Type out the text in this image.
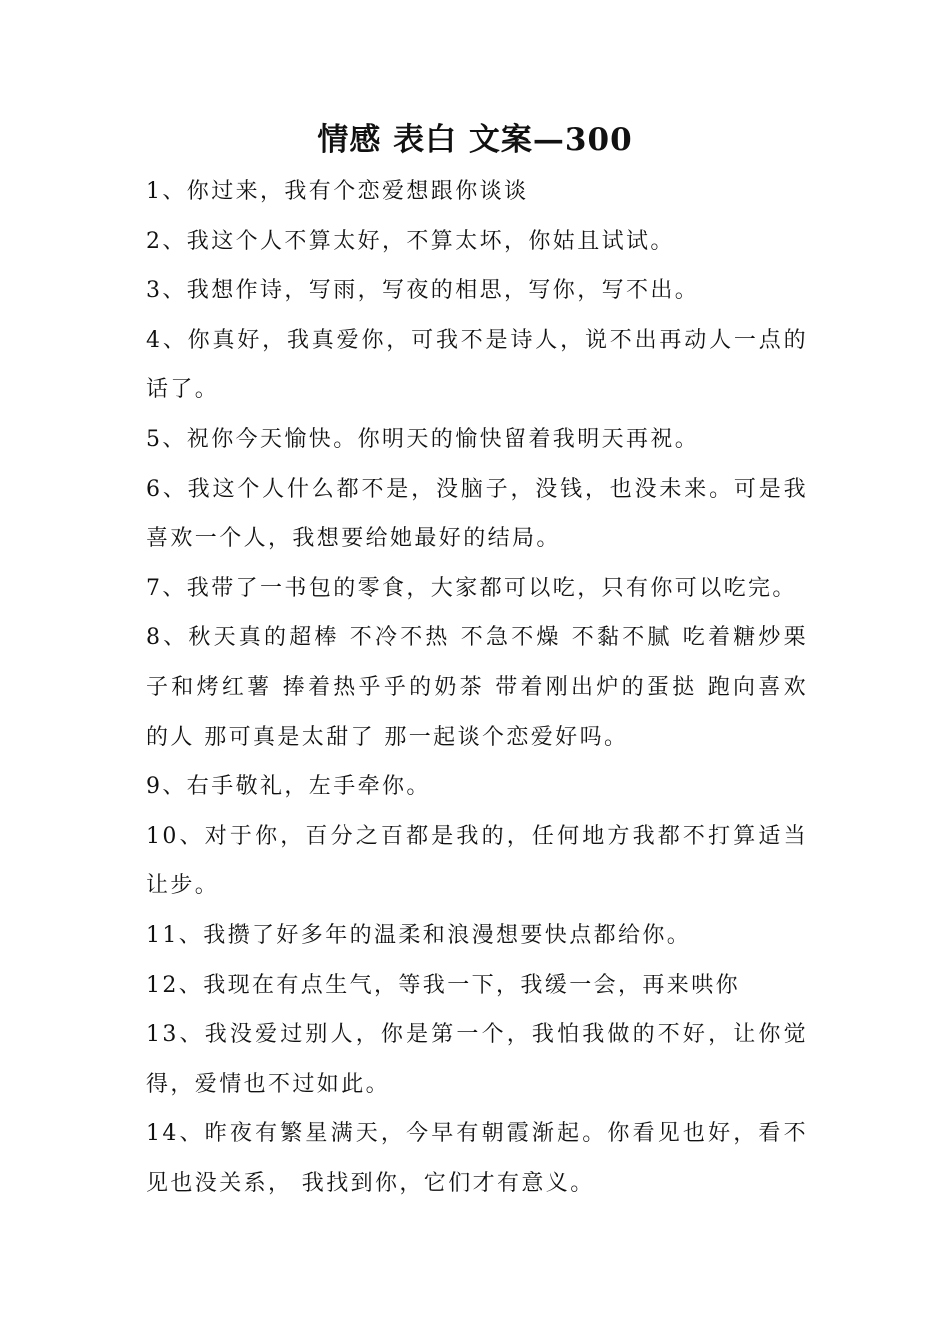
情感 表白 文案—300

1、你过来，我有个恋爱想跟你谈谈

2、我这个人不算太好，不算太坏，你姑且试试。

3、我想作诗，写雨，写夜的相思，写你，写不出。

4、你真好，我真爱你，可我不是诗人，说不出再动人一点的话了。

5、祝你今天愉快。你明天的愉快留着我明天再祝。

6、我这个人什么都不是，没脑子，没钱，也没未来。可是我喜欢一个人，我想要给她最好的结局。

7、我带了一书包的零食，大家都可以吃，只有你可以吃完。

8、秋天真的超棒 不冷不热 不急不燥 不黏不腻 吃着糖炒栗子和烤红薯 捧着热乎乎的奶茶 带着刚出炉的蛋挞 跑向喜欢的人 那可真是太甜了 那一起谈个恋爱好吗。

9、右手敬礼，左手牵你。

10、对于你，百分之百都是我的，任何地方我都不打算适当让步。

11、我攒了好多年的温柔和浪漫想要快点都给你。

12、我现在有点生气，等我一下，我缓一会，再来哄你

13、我没爱过别人，你是第一个，我怕我做的不好，让你觉得，爱情也不过如此。

14、昨夜有繁星满天，今早有朝霞渐起。你看见也好，看不见也没关系， 我找到你，它们才有意义。
